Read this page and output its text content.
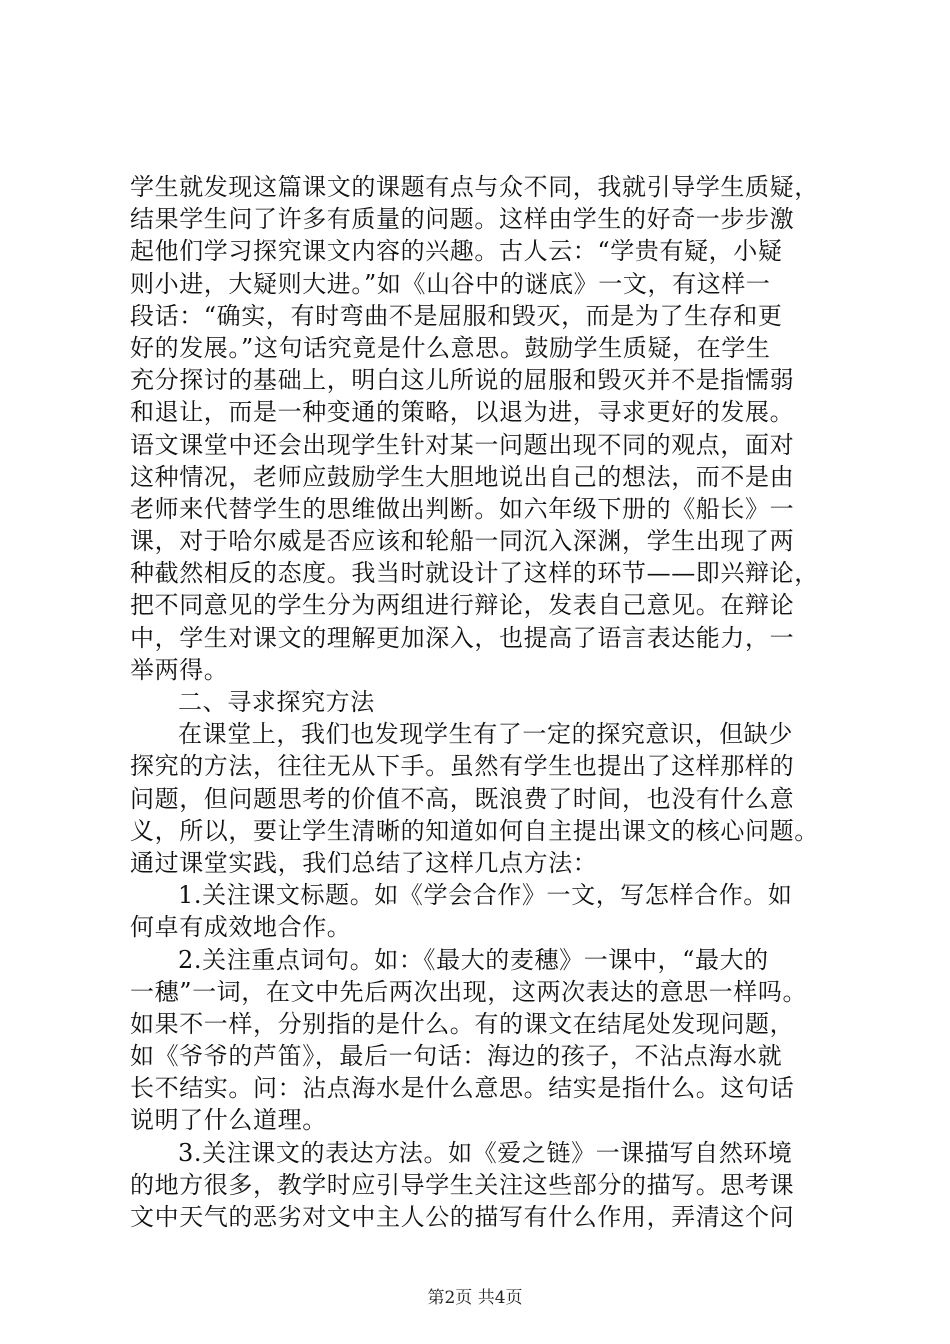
学生就发现这篇课文的课题有点与众不同，我就引导学生质疑，
结果学生问了许多有质量的问题。这样由学生的好奇一步步激
起他们学习探究课文内容的兴趣。古人云：“学贵有疑，小疑
则小进，大疑则大进。”如《山谷中的谜底》一文，有这样一
段话：“确实，有时弯曲不是屈服和毁灭，而是为了生存和更
好的发展。”这句话究竟是什么意思。鼓励学生质疑，在学生
充分探讨的基础上，明白这儿所说的屈服和毁灭并不是指懦弱
和退让，而是一种变通的策略，以退为进，寻求更好的发展。
语文课堂中还会出现学生针对某一问题出现不同的观点，面对
这种情况，老师应鼓励学生大胆地说出自己的想法，而不是由
老师来代替学生的思维做出判断。如六年级下册的《船长》一
课，对于哈尔威是否应该和轮船一同沉入深渊，学生出现了两
种截然相反的态度。我当时就设计了这样的环节——即兴辩论，
把不同意见的学生分为两组进行辩论，发表自己意见。在辩论
中，学生对课文的理解更加深入，也提高了语言表达能力，一
举两得。
二、寻求探究方法
在课堂上，我们也发现学生有了一定的探究意识，但缺少
探究的方法，往往无从下手。虽然有学生也提出了这样那样的
问题，但问题思考的价值不高，既浪费了时间，也没有什么意
义，所以，要让学生清晰的知道如何自主提出课文的核心问题。
通过课堂实践，我们总结了这样几点方法：
1.关注课文标题。如《学会合作》一文，写怎样合作。如
何卓有成效地合作。
2.关注重点词句。如：《最大的麦穗》一课中，“最大的
一穗”一词，在文中先后两次出现，这两次表达的意思一样吗。
如果不一样，分别指的是什么。有的课文在结尾处发现问题，
如《爷爷的芦笛》，最后一句话：海边的孩子，不沾点海水就
长不结实。问：沾点海水是什么意思。结实是指什么。这句话
说明了什么道理。
3.关注课文的表达方法。如《爱之链》一课描写自然环境
的地方很多，教学时应引导学生关注这些部分的描写。思考课
文中天气的恶劣对文中主人公的描写有什么作用，弄清这个问
第2页 共4页
